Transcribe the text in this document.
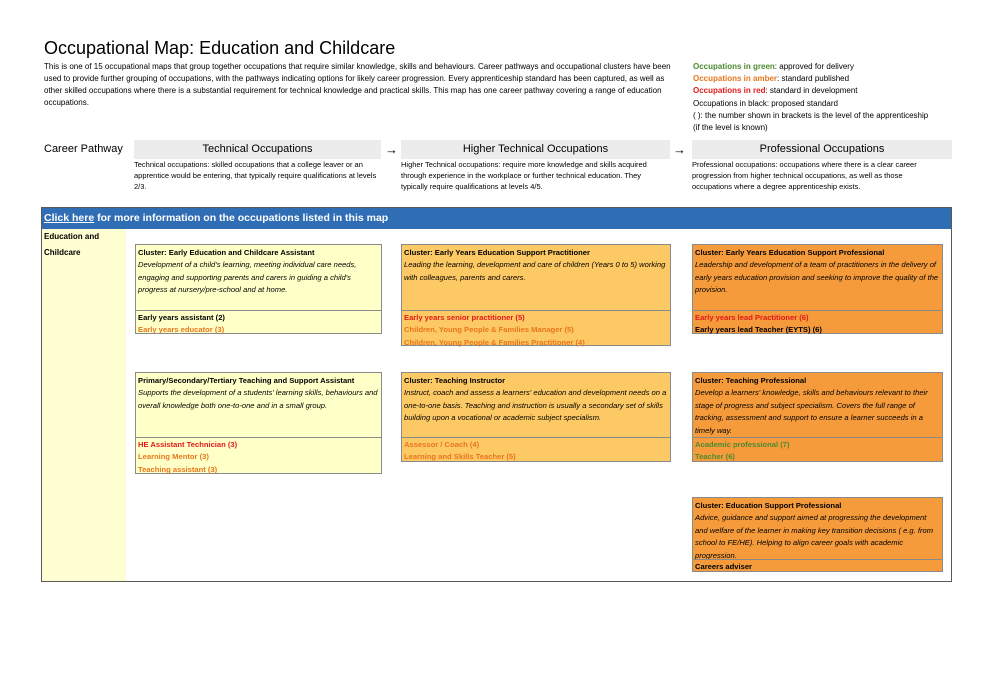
Occupational Map: Education and Childcare
This is one of 15 occupational maps that group together occupations that require similar knowledge, skills and behaviours. Career pathways and occupational clusters have been used to provide further grouping of occupations, with the pathways indicating options for likely career progression. Every apprenticeship standard has been captured, as well as other skilled occupations where there is a substantial requirement for technical knowledge and practical skills. This map has one career pathway covering a range of education occupations.
Occupations in green: approved for delivery
Occupations in amber: standard published
Occupations in red: standard in development
Occupations in black: proposed standard
( ): the number shown in brackets is the level of the apprenticeship (if the level is known)
Career Pathway	Technical Occupations	→	Higher Technical Occupations	→	Professional Occupations
Technical occupations: skilled occupations that a college leaver or an apprentice would be entering, that typically require qualifications at levels 2/3.
Higher Technical occupations: require more knowledge and skills acquired through experience in the workplace or further technical education. They typically require qualifications at levels 4/5.
Professional occupations: occupations where there is a clear career progression from higher technical occupations, as well as those occupations where a degree apprenticeship exists.
Click here for more information on the occupations listed in this map
Education and
Childcare	Cluster: Early Education and Childcare Assistant
Development of a child's learning, meeting individual care needs, engaging and supporting parents and carers in guiding a child's progress at nursery/pre-school and at home.
Early years assistant (2)
Early years educator (3)
Cluster: Early Years Education Support Practitioner
Leading the learning, development and care of children (Years 0 to 5) working with colleagues, parents and carers.
Early years senior practitioner (5)
Children, Young People & Families Manager (5)
Children, Young People & Families Practitioner (4)
Cluster: Early Years Education Support Professional
Leadership and development of a team of practitioners in the delivery of early years education provision and seeking to improve the quality of the provision.
Early years lead Practitioner (6)
Early years lead Teacher (EYTS) (6)
Primary/Secondary/Tertiary Teaching and Support Assistant
Supports the development of a students' learning skills, behaviours and overall knowledge both one-to-one and in a small group.
HE Assistant Technician (3)
Learning Mentor (3)
Teaching assistant (3)
Cluster: Teaching Instructor
Instruct, coach and assess a learners' education and development needs on a one-to-one basis. Teaching and instruction is usually a secondary set of skills building upon a vocational or academic subject specialism.
Assessor / Coach (4)
Learning and Skills Teacher (5)
Cluster: Teaching Professional
Develop a learners' knowledge, skills and behaviours relevant to their stage of progress and subject specialism. Covers the full range of tracking, assessment and support to ensure a learner succeeds in a timely way.
Academic professional (7)
Teacher (6)
Cluster: Education Support Professional
Advice, guidance and support aimed at progressing the development and welfare of the learner in making key transition decisions ( e.g. from school to FE/HE). Helping to align career goals with academic progression.
Careers adviser
